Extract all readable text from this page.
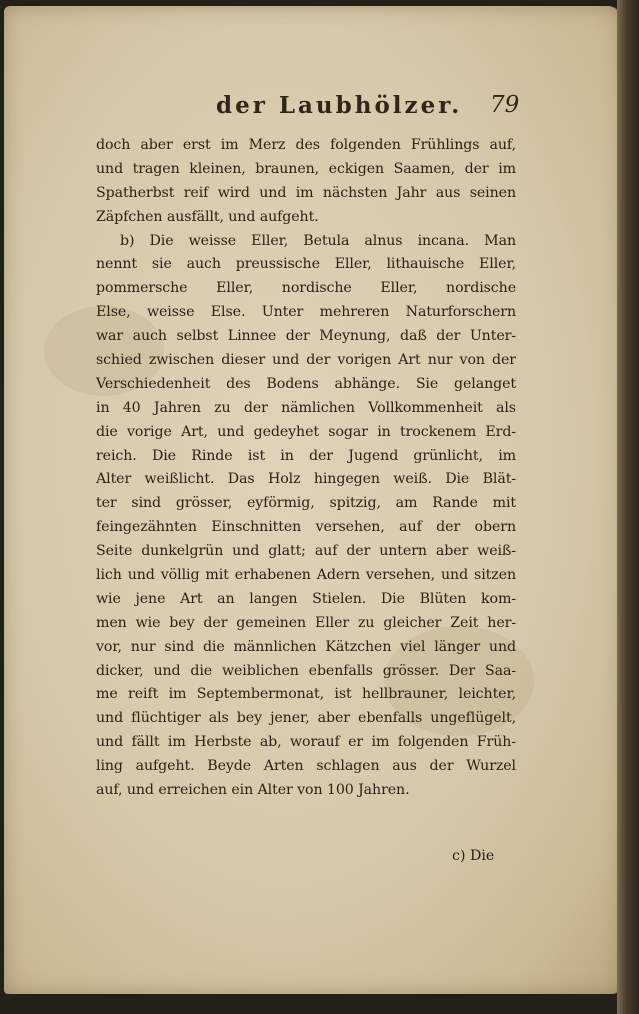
der Laubhölzer. 79
doch aber erst im Merz des folgenden Frühlings auf,
und tragen kleinen, braunen, eckigen Saamen, der im
Spatherbst reif wird und im nächsten Jahr aus seinen
Zäpfchen ausfällt, und aufgeht.
b) Die weisse Eller, Betula alnus incana. Man
nennt sie auch preussische Eller, lithauische Eller,
pommersche Eller, nordische Eller, nordische
Else, weisse Else. Unter mehreren Naturforschern
war auch selbst Linnee der Meynung, daß der Unter-
schied zwischen dieser und der vorigen Art nur von der
Verschiedenheit des Bodens abhänge. Sie gelanget
in 40 Jahren zu der nämlichen Vollkommenheit als
die vorige Art, und gedeyhet sogar in trockenem Erd-
reich. Die Rinde ist in der Jugend grünlicht, im
Alter weißlicht. Das Holz hingegen weiß. Die Blät-
ter sind grösser, eyförmig, spitzig, am Rande mit
feingezähnten Einschnitten versehen, auf der obern
Seite dunkelgrün und glatt; auf der untern aber weiß-
lich und völlig mit erhabenen Adern versehen, und sitzen
wie jene Art an langen Stielen. Die Blüten kom-
men wie bey der gemeinen Eller zu gleicher Zeit her-
vor, nur sind die männlichen Kätzchen viel länger und
dicker, und die weiblichen ebenfalls grösser. Der Saa-
me reift im Septembermonat, ist hellbrauner, leichter,
und flüchtiger als bey jener, aber ebenfalls ungeflügelt,
und fällt im Herbste ab, worauf er im folgenden Früh-
ling aufgeht. Beyde Arten schlagen aus der Wurzel
auf, und erreichen ein Alter von 100 Jahren.
c) Die
